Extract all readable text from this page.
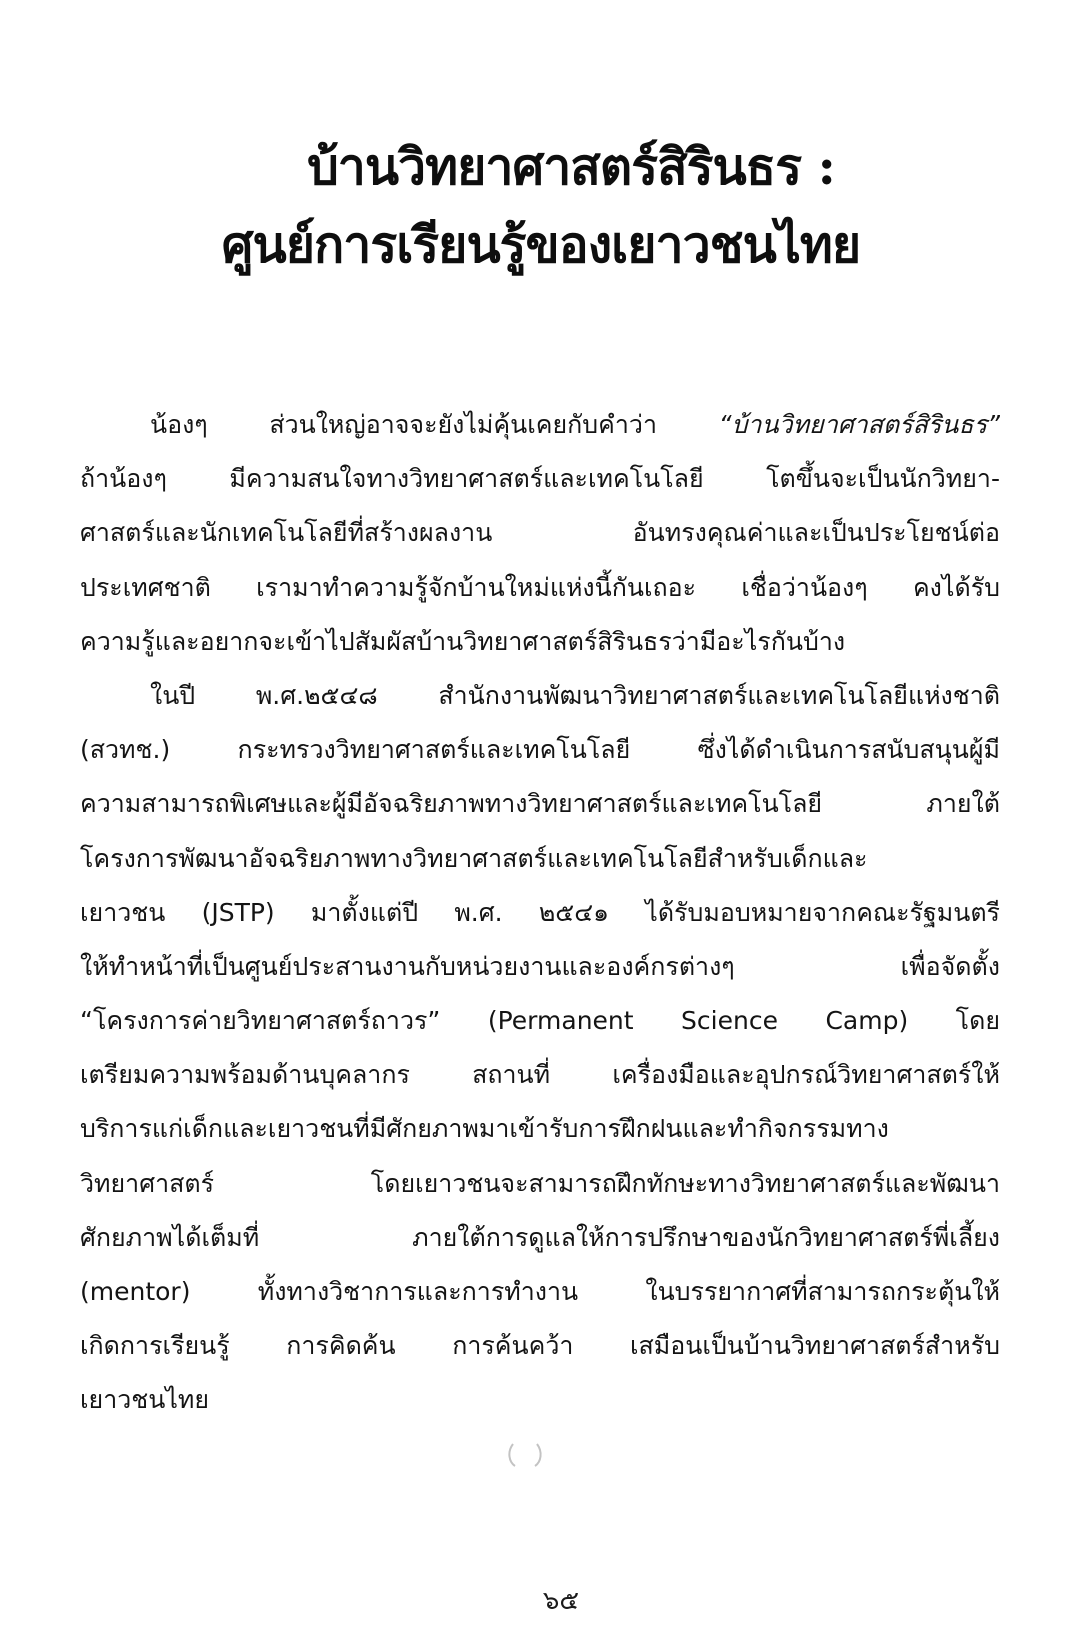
บ้านวิทยาศาสตร์สิรินธร :
ศูนย์การเรียนรู้ของเยาวชนไทย
น้องๆ ส่วนใหญ่อาจจะยังไม่คุ้นเคยกับคำว่า “บ้านวิทยาศาสตร์สิรินธร”
ถ้าน้องๆ มีความสนใจทางวิทยาศาสตร์และเทคโนโลยี โตขึ้นจะเป็นนักวิทยา-
ศาสตร์และนักเทคโนโลยีที่สร้างผลงาน อันทรงคุณค่าและเป็นประโยชน์ต่อ
ประเทศชาติ เรามาทำความรู้จักบ้านใหม่แห่งนี้กันเถอะ เชื่อว่าน้องๆ คงได้รับ
ความรู้และอยากจะเข้าไปสัมผัสบ้านวิทยาศาสตร์สิรินธรว่ามีอะไรกันบ้าง
ในปี พ.ศ.๒๕๔๘ สำนักงานพัฒนาวิทยาศาสตร์และเทคโนโลยีแห่งชาติ
(สวทช.) กระทรวงวิทยาศาสตร์และเทคโนโลยี ซึ่งได้ดำเนินการสนับสนุนผู้มี
ความสามารถพิเศษและผู้มีอัจฉริยภาพทางวิทยาศาสตร์และเทคโนโลยี ภายใต้
โครงการพัฒนาอัจฉริยภาพทางวิทยาศาสตร์และเทคโนโลยีสำหรับเด็กและ
เยาวชน (JSTP) มาตั้งแต่ปี พ.ศ. ๒๕๔๑ ได้รับมอบหมายจากคณะรัฐมนตรี
ให้ทำหน้าที่เป็นศูนย์ประสานงานกับหน่วยงานและองค์กรต่างๆ เพื่อจัดตั้ง
“โครงการค่ายวิทยาศาสตร์ถาวร” (Permanent Science Camp) โดย
เตรียมความพร้อมด้านบุคลากร สถานที่ เครื่องมือและอุปกรณ์วิทยาศาสตร์ให้
บริการแก่เด็กและเยาวชนที่มีศักยภาพมาเข้ารับการฝึกฝนและทำกิจกรรมทาง
วิทยาศาสตร์ โดยเยาวชนจะสามารถฝึกทักษะทางวิทยาศาสตร์และพัฒนา
ศักยภาพได้เต็มที่ ภายใต้การดูแลให้การปรึกษาของนักวิทยาศาสตร์พี่เลี้ยง
(mentor) ทั้งทางวิชาการและการทำงาน ในบรรยากาศที่สามารถกระตุ้นให้
เกิดการเรียนรู้ การคิดค้น การค้นคว้า เสมือนเป็นบ้านวิทยาศาสตร์สำหรับ
เยาวชนไทย
๖๕
